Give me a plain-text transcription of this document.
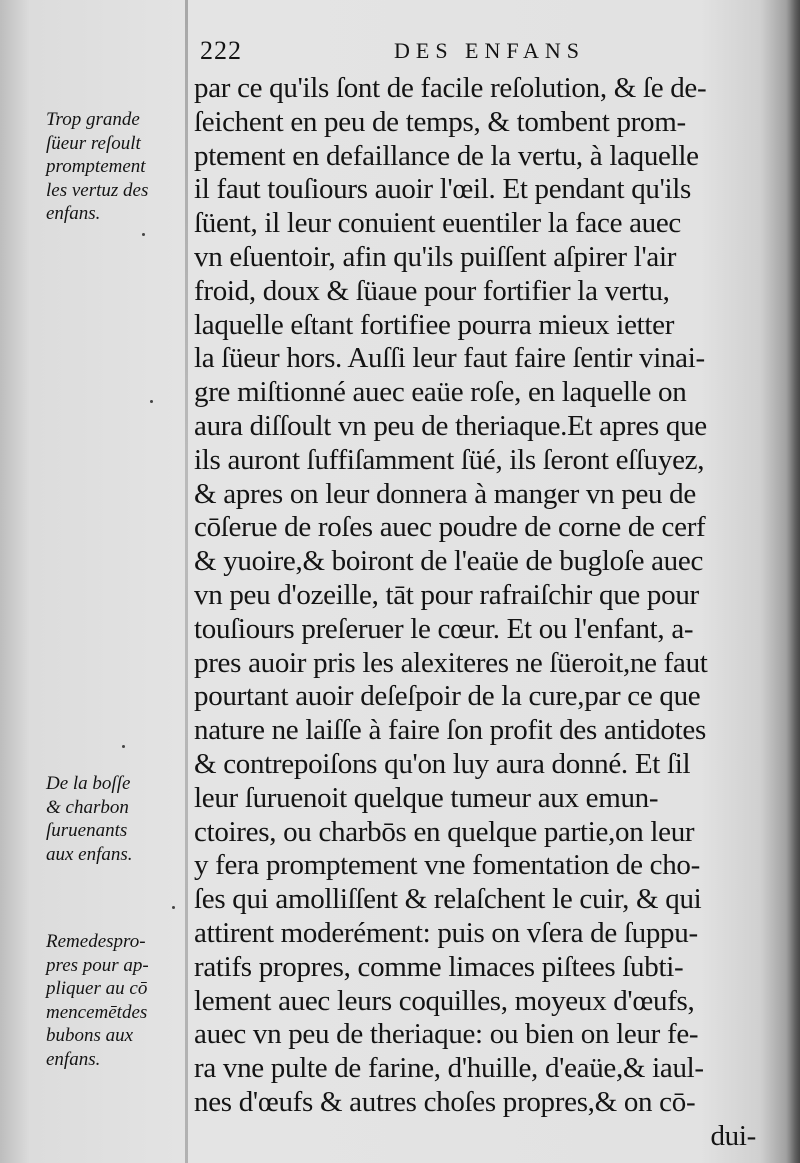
222	DES ENFANS
Trop grande
ſüeur reſoult
promptement
les vertuz des
enfans.
De la boſſe
& charbon
ſuruenants
aux enfans.
Remedespro-
pres pour ap-
pliquer au cō
mencemētdes
bubons aux
enfans.
par ce qu'ils ſont de facile reſolution, & ſe de-
ſeichent en peu de temps, & tombent prom-
ptement en defaillance de la vertu, à laquelle
il faut touſiours auoir l'œil. Et pendant qu'ils
ſüent, il leur conuient euentiler la face auec
vn eſuentoir, afin qu'ils puiſſent aſpirer l'air
froid, doux & ſüaue pour fortifier la vertu,
laquelle eſtant fortifiee pourra mieux ietter
la ſüeur hors. Auſſi leur faut faire ſentir vinai-
gre miſtionné auec eaüe roſe, en laquelle on
aura diſſoult vn peu de theriaque.Et apres que
ils auront ſuffiſamment ſüé, ils ſeront eſſuyez,
& apres on leur donnera à manger vn peu de
cōſerue de roſes auec poudre de corne de cerf
& yuoire,& boiront de l'eaüe de bugloſe auec
vn peu d'ozeille, tāt pour rafraiſchir que pour
touſiours preſeruer le cœur. Et ou l'enfant, a-
pres auoir pris les alexiteres ne ſüeroit,ne faut
pourtant auoir deſeſpoir de la cure,par ce que
nature ne laiſſe à faire ſon profit des antidotes
& contrepoiſons qu'on luy aura donné. Et ſil
leur ſuruenoit quelque tumeur aux emun-
ctoires, ou charbōs en quelque partie,on leur
y fera promptement vne fomentation de cho-
ſes qui amolliſſent & relaſchent le cuir, & qui
attirent moderément: puis on vſera de ſuppu-
ratifs propres, comme limaces piſtees ſubti-
lement auec leurs coquilles, moyeux d'œufs,
auec vn peu de theriaque: ou bien on leur fe-
ra vne pulte de farine, d'huille, d'eaüe,& iaul-
nes d'œufs & autres choſes propres,& on cō-
dui-
